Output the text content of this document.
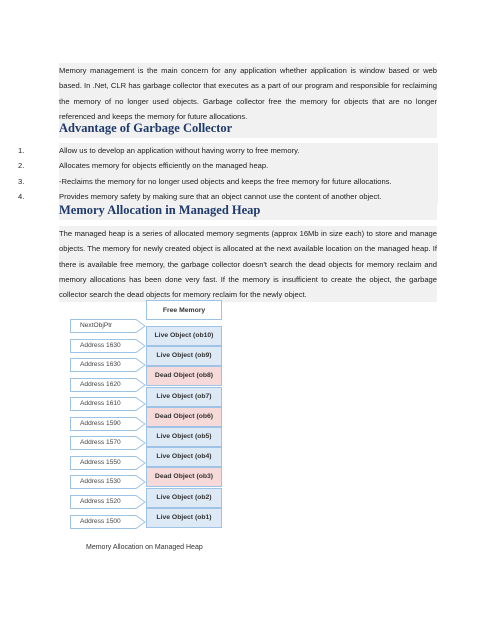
Memory management is the main concern for any application whether application is window based or web based. In .Net, CLR has garbage collector that executes as a part of our program and responsible for reclaiming the memory of no longer used objects. Garbage collector free the memory for objects that are no longer referenced and keeps the memory for future allocations.

Advantage of Garbage Collector
1.	Allow us to develop an application without having worry to free memory.
2.	Allocates memory for objects efficiently on the managed heap.
3.	-Reclaims the memory for no longer used objects and keeps the free memory for future allocations.
4.	Provides memory safety by making sure that an object cannot use the content of another object.
Memory Allocation in Managed Heap

The managed heap is a series of allocated memory segments (approx 16Mb in size each) to store and manage objects. The memory for newly created object is allocated at the next available location on the managed heap. If there is available free memory, the garbage collector doesn't search the dead objects for memory reclaim and memory allocations has been done very fast. If the memory is insufficient to create the object, the garbage collector search the dead objects for memory reclaim for the newly object.

Free Memory
Live Object (ob10)
Live Object (ob9)
Dead Object (ob8)
Live Object (ob7)
Dead Object (ob6)
Live Object (ob5)
Live Object (ob4)
Dead Object (ob3)
Live Object (ob2)
Live Object (ob1)
NextObjPtr
Address 1630
Address 1630
Address 1620
Address 1610
Address 1590
Address 1570
Address 1550
Address 1530
Address 1520
Address 1500
Memory Allocation on Managed Heap
